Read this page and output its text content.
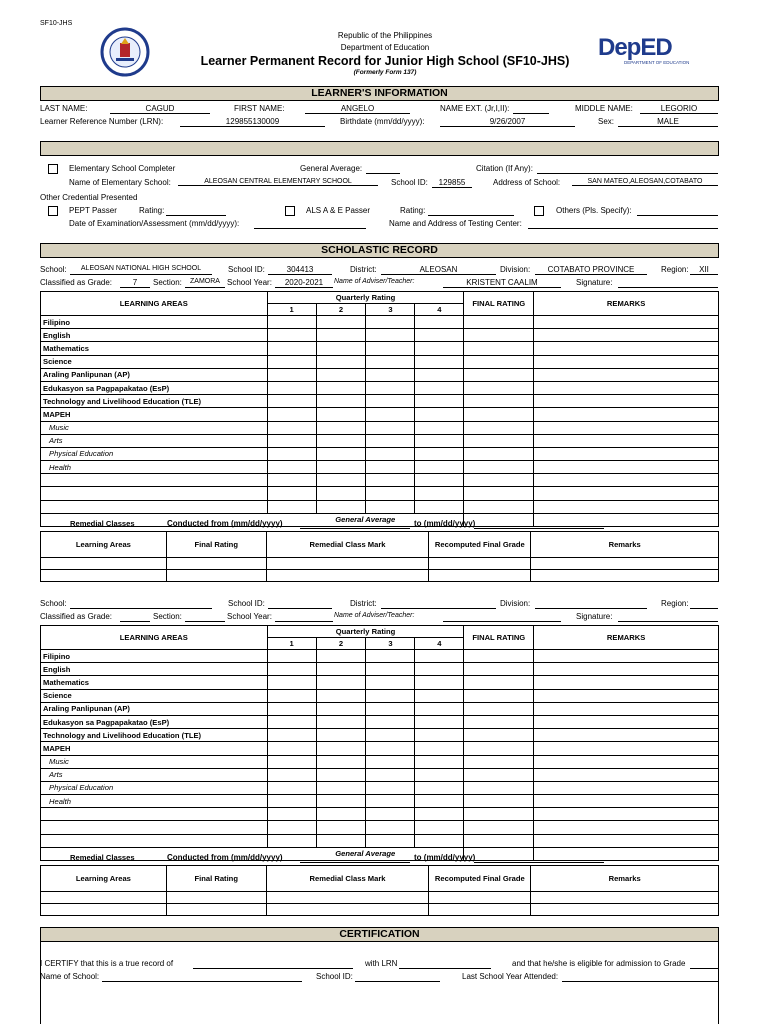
SF10-JHS
Republic of the Philippines
Department of Education
Learner Permanent Record for Junior High School (SF10-JHS)
(Formerly Form 137)
DepED
DEPARTMENT OF EDUCATION
LEARNER'S INFORMATION
LAST NAME:	CAGUD	FIRST NAME:	ANGELO	NAME EXT. (Jr,I,II):	MIDDLE NAME:	LEGORIO
Learner Reference Number (LRN):	129855130009	Birthdate (mm/dd/yyyy):	9/26/2007	Sex:	MALE
Elementary School Completer	General Average:	Citation (If Any):
Name of Elementary School:	ALEOSAN CENTRAL ELEMENTARY SCHOOL	School ID:	129855	Address of School:	SAN MATEO,ALEOSAN,COTABATO
Other Credential Presented
PEPT Passer	Rating:	ALS A & E Passer	Rating:	Others (Pls. Specify):
Date of Examination/Assessment (mm/dd/yyyy):	Name and Address of Testing Center:
SCHOLASTIC RECORD
School:	ALEOSAN NATIONAL HIGH SCHOOL	School ID:	304413	District:	ALEOSAN	Division:	COTABATO PROVINCE	Region:	XII
Classified as Grade:	7	Section:	ZAMORA School Year:	2020-2021	Name of Adviser/Teacher:	KRISTENT CAALIM	Signature:
LEARNING AREAS	Quarterly Rating				FINAL RATING	REMARKS
	1	2	3	4		
Filipino						
English						
Mathematics						
Science						
Araling Panlipunan (AP)						
Edukasyon sa Pagpapakatao (EsP)						
Technology and Livelihood Education (TLE)						
MAPEH						
Music						
Arts						
Physical Education						
Health						

	General Average					
Remedial Classes	Conducted from (mm/dd/yyyy)	to (mm/dd/yyyy)
Learning Areas	Final Rating	Remedial Class Mark	Recomputed Final Grade	Remarks

School:	School ID:	District:	Division:	Region:
Classified as Grade:	Section:	School Year:	Name of Adviser/Teacher:	Signature:
LEARNING AREAS	Quarterly Rating				FINAL RATING	REMARKS
	1	2	3	4		
Filipino						
English						
Mathematics						
Science						
Araling Panlipunan (AP)						
Edukasyon sa Pagpapakatao (EsP)						
Technology and Livelihood Education (TLE)						
MAPEH						
Music						
Arts						
Physical Education						
Health						

	General Average					
Remedial Classes	Conducted from (mm/dd/yyyy)	to (mm/dd/yyyy)
Learning Areas	Final Rating	Remedial Class Mark	Recomputed Final Grade	Remarks

CERTIFICATION
I CERTIFY that this is a true record of	with LRN	and that he/she is eligible for admission to Grade
Name of School:	School ID:	Last School Year Attended:
